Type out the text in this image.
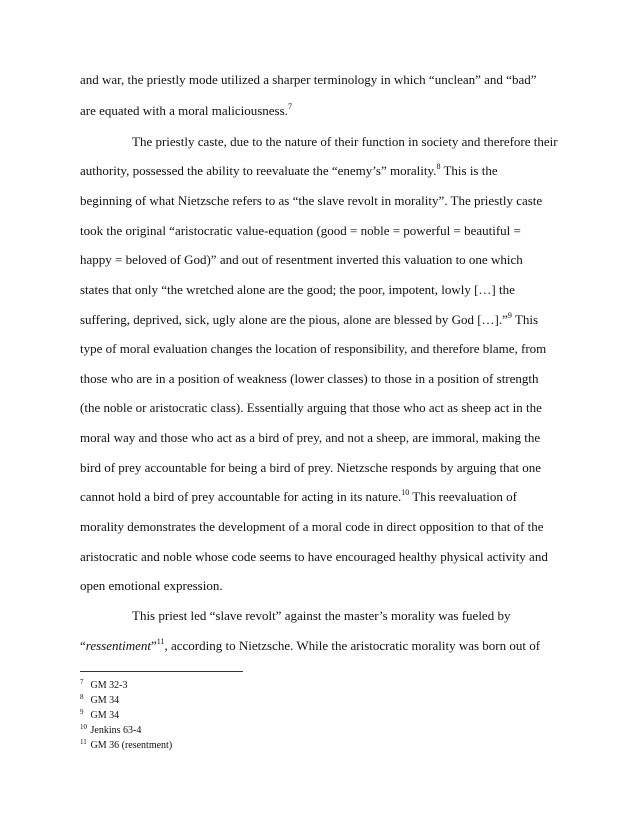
and war, the priestly mode utilized a sharper terminology in which “unclean” and “bad”

are equated with a moral maliciousness.$^7$

The priestly caste, due to the nature of their function in society and therefore their

authority, possessed the ability to reevaluate the “enemy’s” morality.$^8$ This is the

beginning of what Nietzsche refers to as “the slave revolt in morality”. The priestly caste

took the original “aristocratic value-equation (good = noble = powerful = beautiful =

happy = beloved of God)” and out of resentment inverted this valuation to one which

states that only “the wretched alone are the good; the poor, impotent, lowly […] the

suffering, deprived, sick, ugly alone are the pious, alone are blessed by God […].”$^9$ This

type of moral evaluation changes the location of responsibility, and therefore blame, from

those who are in a position of weakness (lower classes) to those in a position of strength

(the noble or aristocratic class). Essentially arguing that those who act as sheep act in the

moral way and those who act as a bird of prey, and not a sheep, are immoral, making the

bird of prey accountable for being a bird of prey. Nietzsche responds by arguing that one

cannot hold a bird of prey accountable for acting in its nature.$^{10}$ This reevaluation of

morality demonstrates the development of a moral code in direct opposition to that of the

aristocratic and noble whose code seems to have encouraged healthy physical activity and

open emotional expression.

This priest led “slave revolt” against the master’s morality was fueled by

“ressentiment”$^{11}$, according to Nietzsche. While the aristocratic morality was born out of

$^7$ GM 32-3

$^8$ GM 34

$^9$ GM 34

$^{10}$ Jenkins 63-4

$^{11}$ GM 36 (resentment)
